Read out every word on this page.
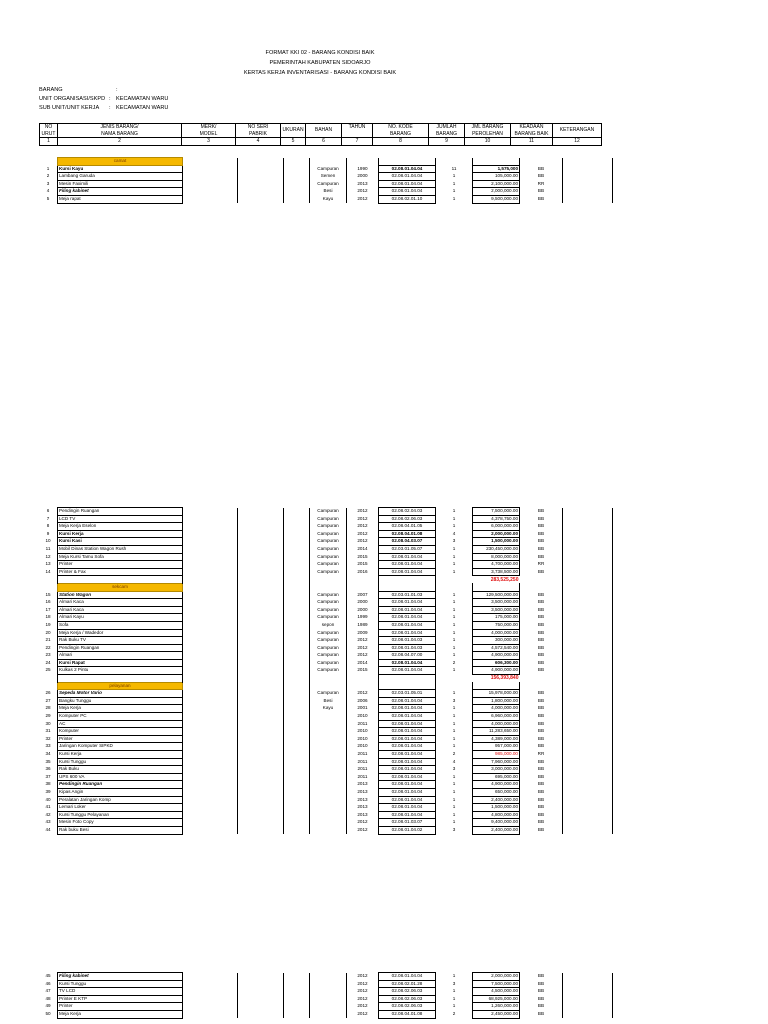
FORMAT KKI 02 - BARANG KONDISI BAIK
PEMERINTAH KABUPATEN SIDOARJO
KERTAS KERJA INVENTARISASI - BARANG KONDISI BAIK
BARANG	:
UNIT ORGANISASI/SKPD : KECAMATAN WARU
SUB UNIT/UNIT KERJA : KECAMATAN WARU
NO	JENIS BARANG/	MERK/	NO SERI	UKURAN	BAHAN	TAHUN	NO. KODE	JUMLAH	JML BARANG	KEADAAN	KETERANGAN
URUT	NAMA BARANG	MODEL	PABRIK				BARANG	BARANG	PEROLEHAN	BARANG BAIK	
1	2	3	4	5	6	7	8	9	10	11	12
	camat										
1	Kursi Kayu				Campuran	1990	02.08.01.04.04	11	1,575,000	BB	
2	Lambang Garuda				Semen	2000	02.08.01.04.04	1	105,000.00	BB	
3	Mesin Faximili				Campuran	2013	02.08.01.04.04	1	2,100,000.00	RR	
4	Filing kabinet				Besi	2012	02.08.01.04.04	1	2,000,000.00	BB	
5	Meja rapat				Kayu	2012	02.08.02.01.10	1	9,500,000.00	BB	
6	Pendingin Ruangan				Campuran	2012	02.08.02.04.03	1	7,500,000.00	BB	
7	LCD TV				Campuran	2012	02.08.02.06.03	1	4,378,750.00	BB	
8	Meja Kerja Eselon				Campuran	2012	02.08.04.01.05	1	6,000,000.00	BB	
9	Kursi Kerja				Campuran	2012	02.08.04.01.08	4	2,000,000.00	BB	
10	Kursi Kasi				Campuran	2012	02.08.04.03.07	3	1,500,000.00	BB	
11	Mobil Dinas Station Wagon Rush				Campuran	2014	02.03.01.05.07	1	230,450,000.00	BB	
12	Meja Kursi Tamu Sofa				Campuran	2015	02.08.01.04.04	1	8,000,000.00	BB	
13	Printer				Campuran	2015	02.08.01.04.04	1	4,700,000.00	RR	
14	Printer & Fax				Campuran	2016	02.08.01.04.04	1	3,738,500.00	BB	
									283,525,250		
	sekcam										
15	Station Wagon				Campuran	2007	02.03.01.01.03	1	129,500,000.00	BB	
16	Almari Kaca				Campuran	2000	02.08.01.04.04	1	3,500,000.00	BB	
17	Almari Kaca				Campuran	2000	02.08.01.04.04	1	3,500,000.00	BB	
18	Almari Kayu				Campuran	1999	02.08.01.04.04	1	175,000.00	BB	
19	Sofa				sepon	1989	02.08.01.04.04	1	750,000.00	BB	
20	Meja Kerja / Wadedor				Campuran	2009	02.08.01.04.04	1	4,000,000.00	BB	
21	Rak Buku TV				Campuran	2012	02.08.01.04.03	1	300,000.00	BB	
22	Pendingin Ruangan				Campuran	2012	02.08.01.04.03	1	4,572,540.00	BB	
23	Almari				Campuran	2012	02.08.04.07.00	1	4,900,000.00	BB	
24	Kursi Rapat				Campuran	2014	02.08.01.04.04	2	606,300.00	BB	
25	Kulkas 2 Pintu				Campuran	2015	02.08.01.04.04	1	4,900,000.00	BB	
									156,393,840		
	pelayanan										
26	Sepeda Motor Vario				Campuran	2012	02.03.01.05.01	1	15,978,000.00	BB	
27	Bangku Tunggu				Besi	2006	02.08.01.04.04	3	1,800,000.00	BB	
28	Meja Kerja				Kayu	2001	02.08.01.04.04	1	4,000,000.00	BB	
29	Komputer PC					2010	02.08.01.04.04	1	6,960,000.00	BB	
30	AC					2011	02.08.01.04.04	1	4,000,000.00	BB	
31	Komputer					2010	02.08.01.04.04	1	11,283,650.00	BB	
32	Printer					2010	02.08.01.04.04	1	4,389,000.00	BB	
33	Jaringan Komputer SIPKD					2010	02.08.01.04.04	1	957,000.00	BB	
34	Kursi Kerja					2011	02.08.01.04.04	2	985,000.00	RR	
35	Kursi Tunggu					2011	02.08.01.04.04	4	7,960,000.00	BB	
36	Rak Buku					2011	02.08.01.04.04	3	3,000,000.00	BB	
37	UPS 600 VA					2011	02.08.01.04.04	1	695,000.00	BB	
38	Pendingin Ruangan					2013	02.08.01.04.04	1	4,900,000.00	BB	
39	Kipas Angin					2013	02.08.01.04.04	1	650,000.00	BB	
40	Peralatan Jaringan Komp					2013	02.08.01.04.04	1	2,400,000.00	BB	
41	Lemari Loker					2013	02.08.01.04.04	1	1,500,000.00	BB	
42	Kursi Tunggu Pelayanan					2013	02.08.01.04.04	1	4,800,000.00	BB	
43	Mesin Foto Copy					2012	02.08.01.03.07	1	9,400,000.00	BB	
44	Rak buku Besi					2012	02.08.01.04.02	3	2,400,000.00	BB	
45	Filing kabinet					2012	02.08.01.04.04	1	2,000,000.00	BB	
46	Kursi Tunggu					2012	02.08.02.01.28	3	7,500,000.00	BB	
47	TV LCD					2012	02.08.02.06.03	1	4,500,000.00	BB	
48	Printer E KTP					2012	02.08.02.06.03	1	68,925,000.00	BB	
49	Printer					2012	02.08.02.06.03	1	1,260,000.00	BB	
50	Meja Kerja					2012	02.08.04.01.08	2	2,450,000.00	BB	
